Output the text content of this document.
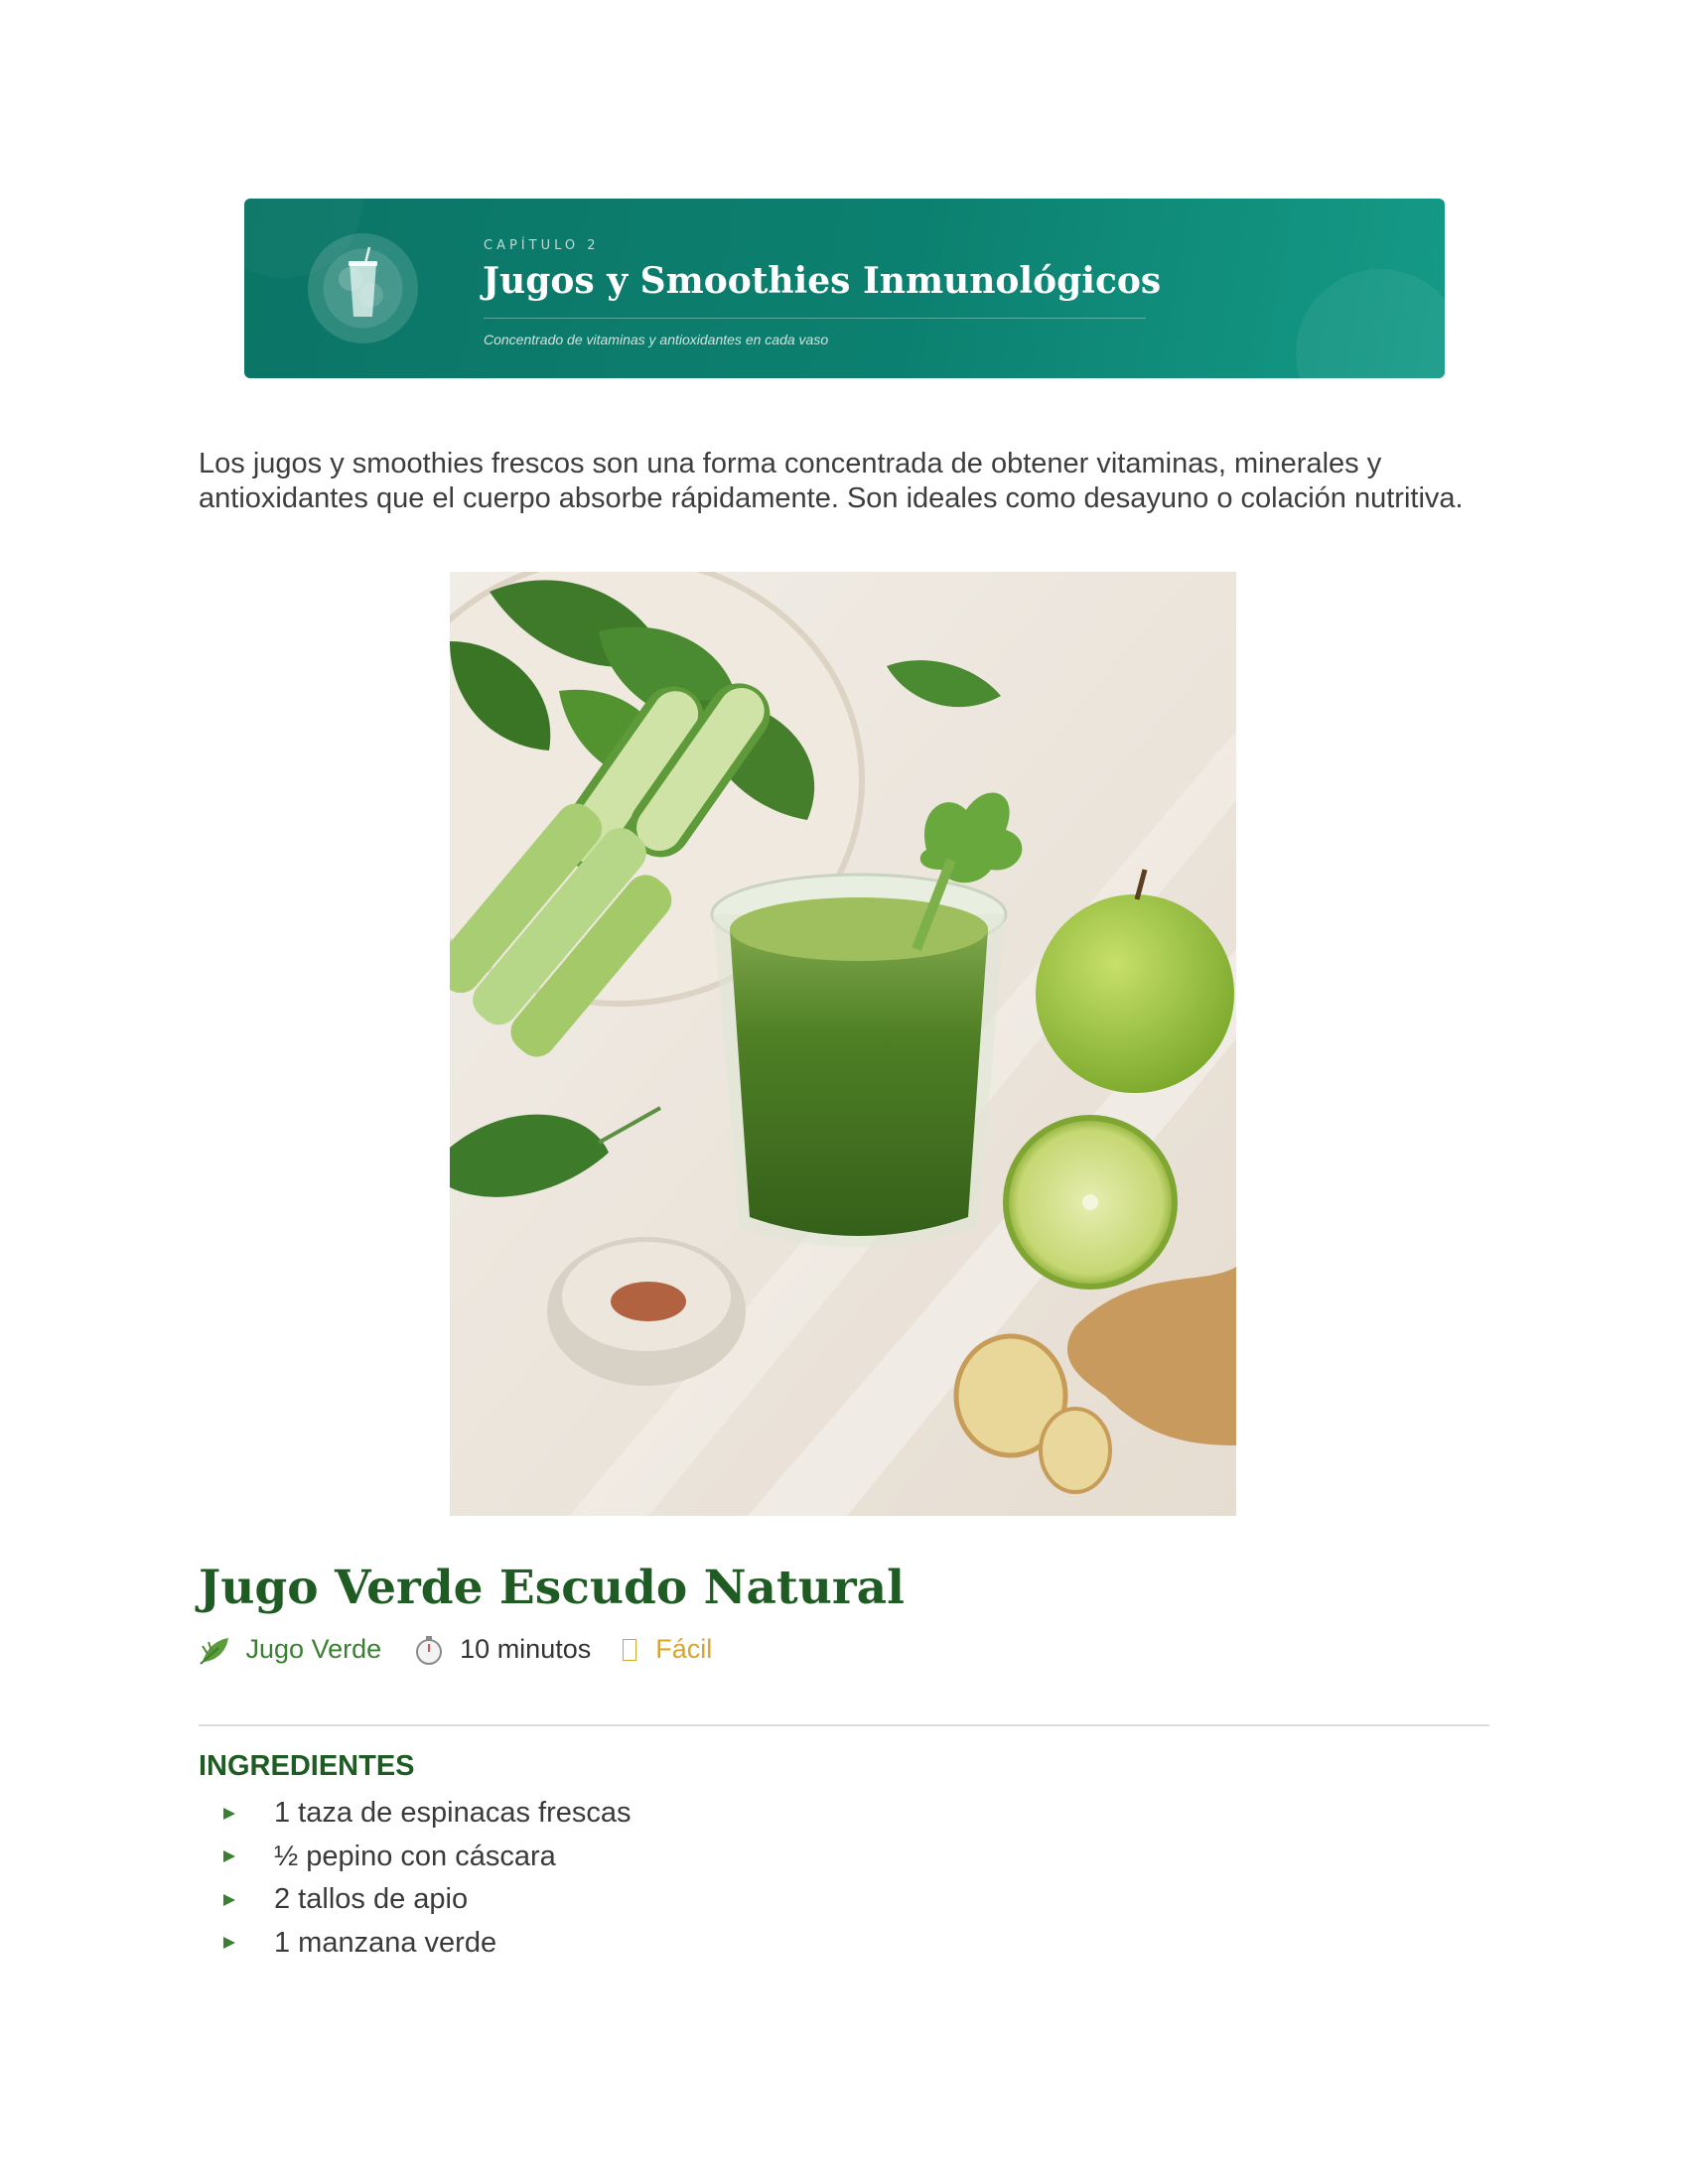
CAPÍTULO 2
Jugos y Smoothies Inmunológicos
Concentrado de vitaminas y antioxidantes en cada vaso

Los jugos y smoothies frescos son una forma concentrada de obtener vitaminas, minerales y antioxidantes que el cuerpo absorbe rápidamente. Son ideales como desayuno o colación nutritiva.

Jugo Verde Escudo Natural
Jugo Verde	10 minutos Fácil
INGREDIENTES
1 taza de espinacas frescas
½ pepino con cáscara
2 tallos de apio
1 manzana verde
